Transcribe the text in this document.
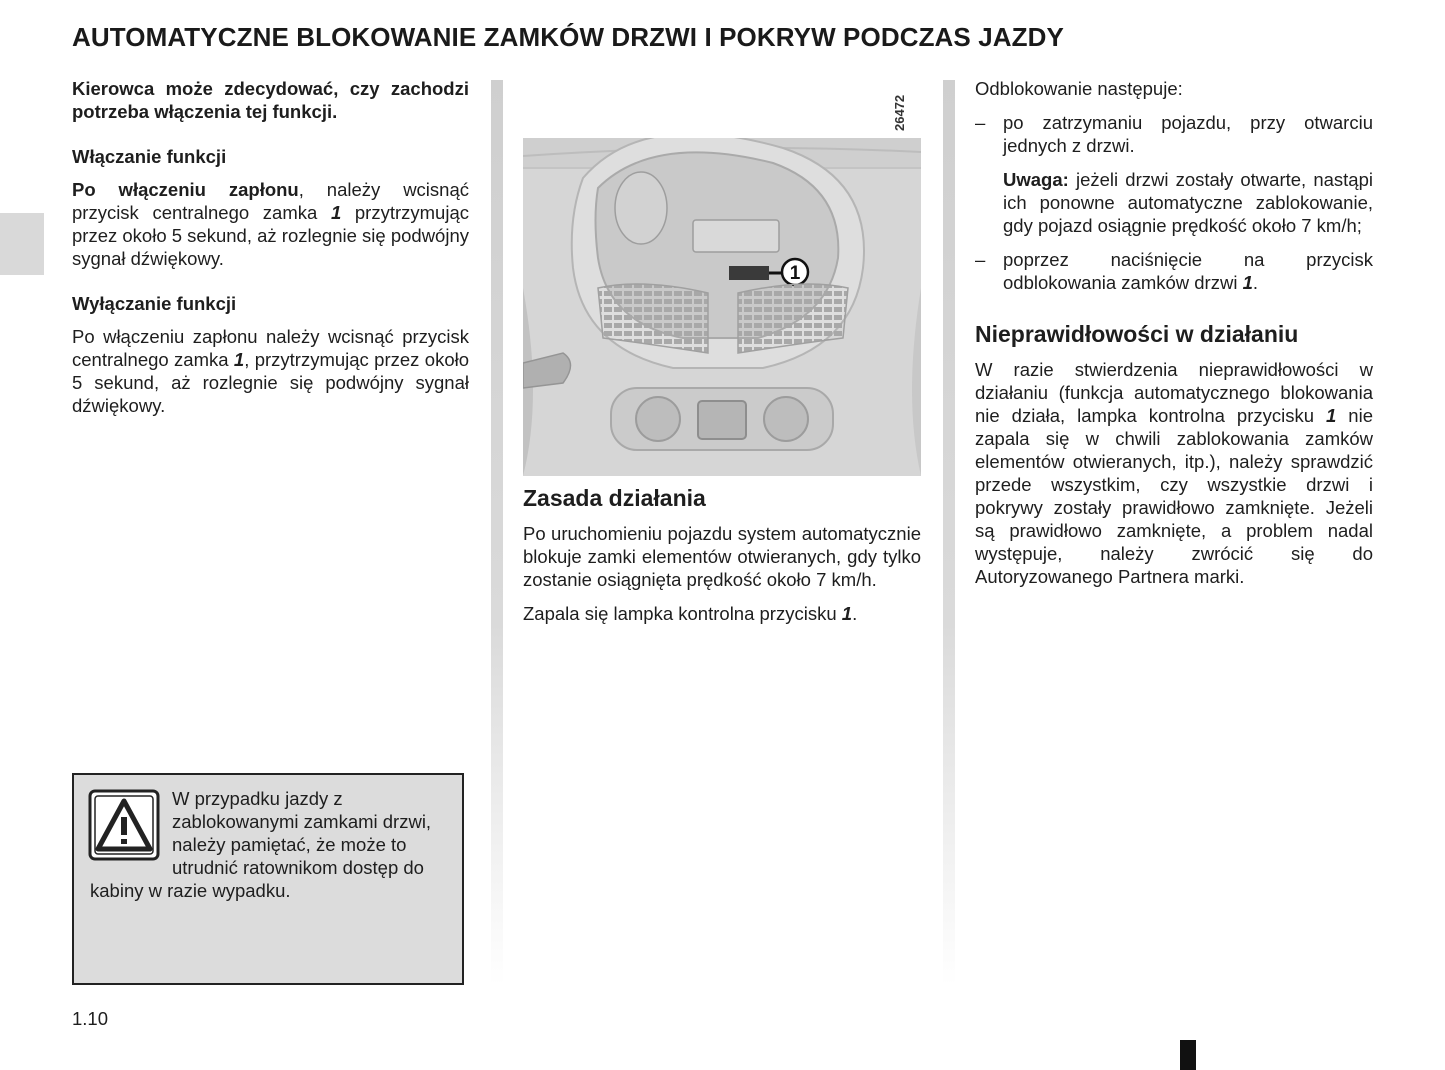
AUTOMATYCZNE BLOKOWANIE ZAMKÓW DRZWI I POKRYW PODCZAS JAZDY

Kierowca może zdecydować, czy zachodzi potrzeba włączenia tej funkcji.

Włączanie funkcji

Po włączeniu zapłonu, należy wcisnąć przycisk centralnego zamka 1 przytrzymując przez około 5 sekund, aż rozlegnie się podwójny sygnał dźwiękowy.

Wyłączanie funkcji

Po włączeniu zapłonu należy wcisnąć przycisk centralnego zamka 1, przytrzymując przez około 5 sekund, aż rozlegnie się podwójny sygnał dźwiękowy.

W przypadku jazdy z zablokowanymi zamkami drzwi, należy pamiętać, że może to utrudnić ratownikom dostęp do kabiny w razie wypadku.
26472
1
Zasada działania

Po uruchomieniu pojazdu system automatycznie blokuje zamki elementów otwieranych, gdy tylko zostanie osiągnięta prędkość około 7 km/h.

Zapala się lampka kontrolna przycisku 1.

Odblokowanie następuje:

– po zatrzymaniu pojazdu, przy otwarciu jednych z drzwi.

Uwaga: jeżeli drzwi zostały otwarte, nastąpi ich ponowne automatyczne zablokowanie, gdy pojazd osiągnie prędkość około 7 km/h;

– poprzez naciśnięcie na przycisk odblokowania zamków drzwi 1.
Nieprawidłowości w działaniu

W razie stwierdzenia nieprawidłowości w działaniu (funkcja automatycznego blokowania nie działa, lampka kontrolna przycisku 1 nie zapala się w chwili zablokowania zamków elementów otwieranych, itp.), należy sprawdzić przede wszystkim, czy wszystkie drzwi i pokrywy zostały prawidłowo zamknięte. Jeżeli są prawidłowo zamknięte, a problem nadal występuje, należy zwrócić się do Autoryzowanego Partnera marki.

1.10
